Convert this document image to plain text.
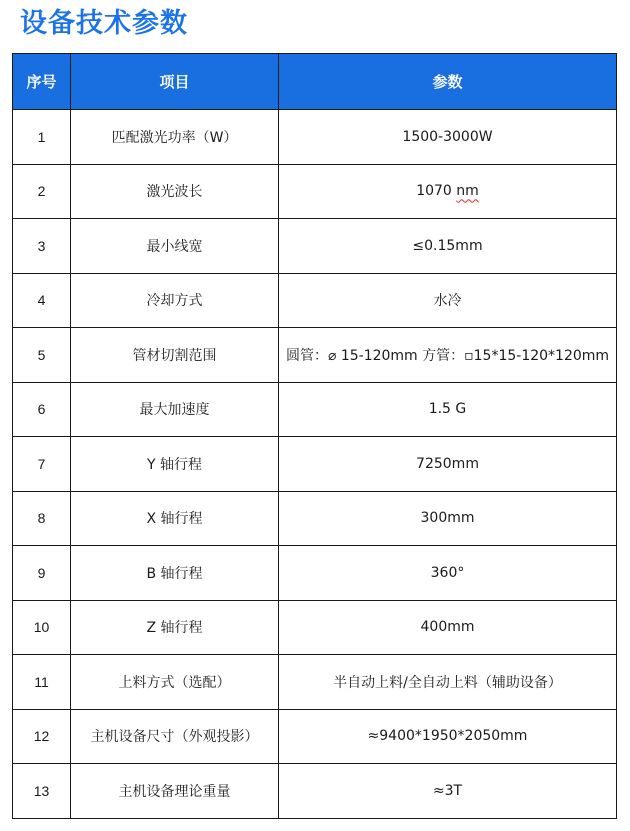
设备技术参数
序号	项目	参数
1	匹配激光功率（W）	1500-3000W
2	激光波长	1070 nm
3	最小线宽	≤0.15mm
4	冷却方式	水冷
5	管材切割范围	圆管：⌀ 15-120mm 方管：▫15*15-120*120mm
6	最大加速度	1.5 G
7	Y 轴行程	7250mm
8	X 轴行程	300mm
9	B 轴行程	360°
10	Z 轴行程	400mm
11	上料方式（选配）	半自动上料/全自动上料（辅助设备）
12	主机设备尺寸（外观投影）	≈9400*1950*2050mm
13	主机设备理论重量	≈3T
